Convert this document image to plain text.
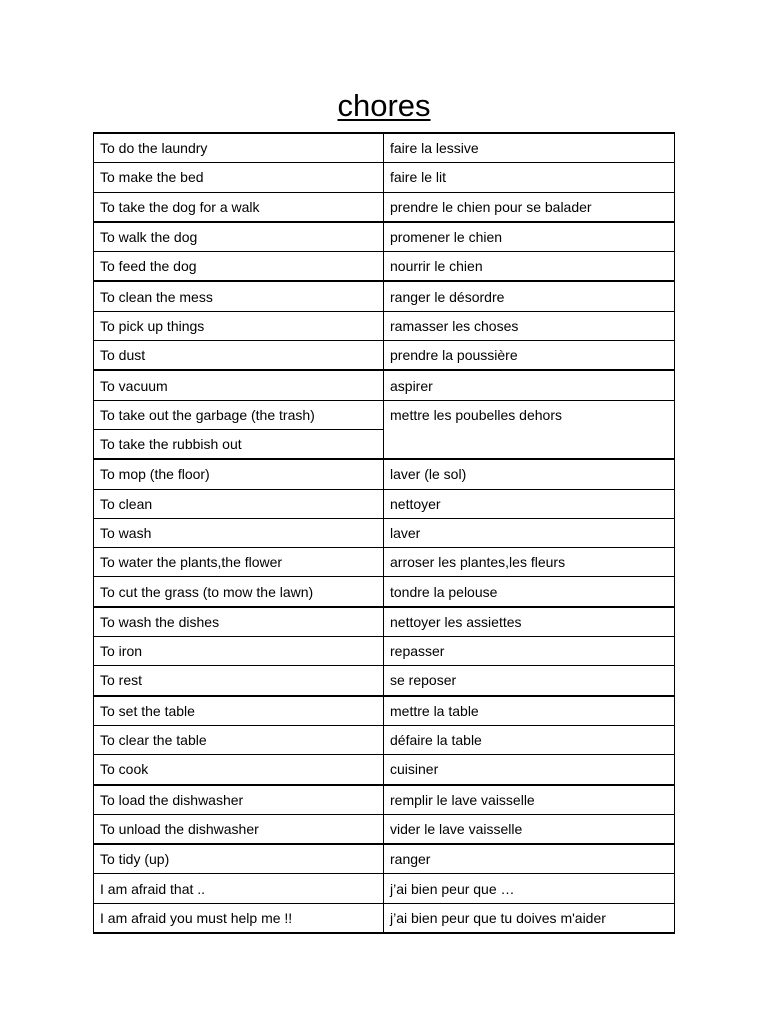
chores
To do the laundry	faire la lessive
To make the bed	faire le lit
To take the dog for a walk	prendre le chien pour se balader
To walk the dog	promener le chien
To feed the dog	nourrir le chien
To clean the mess	ranger le désordre
To pick up things	ramasser les choses
To dust	prendre la poussière
To vacuum	aspirer
To take out the garbage (the trash)	mettre les poubelles dehors
To take the rubbish out	
To mop (the floor)	laver (le sol)
To clean	nettoyer
To wash	laver
To water the plants,the flower	arroser les plantes,les fleurs
To cut the grass (to mow the lawn)	tondre la pelouse
To wash the dishes	nettoyer les assiettes
To iron	repasser
To rest	se reposer
To set the table	mettre la table
To clear the table	défaire la table
To cook	cuisiner
To load the dishwasher	remplir le lave vaisselle
To unload the dishwasher	vider le lave vaisselle
To tidy (up)	ranger
I am afraid that ..	j’ai bien peur que …
I am afraid you must help me !!	j’ai bien peur que tu doives m'aider
